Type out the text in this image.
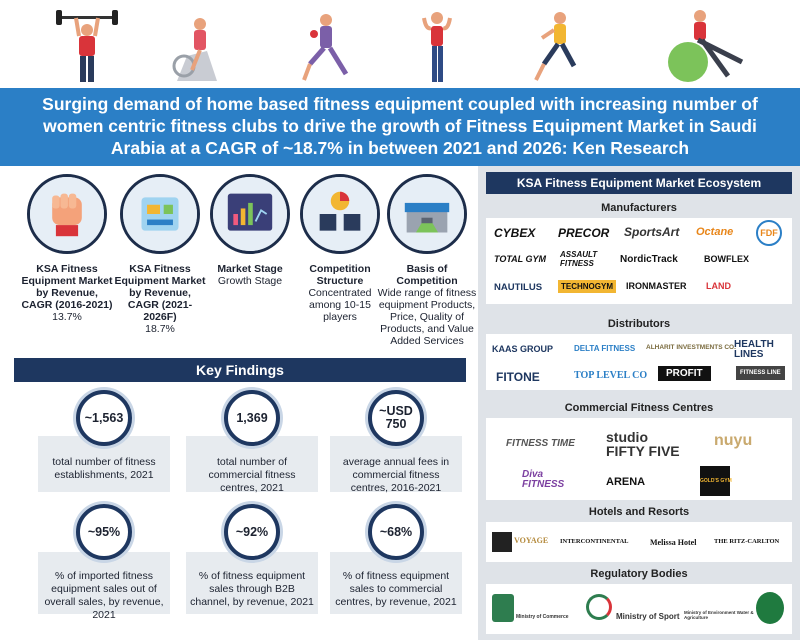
Surging demand of home based fitness equipment coupled with increasing number of women centric fitness clubs to drive the growth of Fitness Equipment Market in Saudi Arabia at a CAGR of ~18.7% in between 2021 and 2026: Ken Research
KSA Fitness Equipment Market by Revenue, CAGR (2016-2021)
13.7%
KSA Fitness Equipment Market by Revenue, CAGR (2021-2026F)
18.7%
Market Stage
Growth Stage
Competition Structure
Concentrated among 10-15 players
Basis of Competition
Wide range of fitness equipment Products, Price, Quality of Products, and Value Added Services
Key Findings
total number of fitness establishments, 2021
~1,563
total number of commercial fitness centres, 2021
1,369
average annual fees in commercial fitness centres, 2016-2021
~USD 750
% of imported fitness equipment sales out of overall sales, by revenue, 2021
~95%
% of fitness equipment sales through B2B channel, by revenue, 2021
~92%
% of fitness equipment sales to commercial centres, by revenue, 2021
~68%
KSA Fitness Equipment Market Ecosystem
Manufacturers
CYBEX PRECOR SportsArt Octane	FDF
TOTAL GYM ASSAULT FITNESS	NordicTrack	BOWFLEX
NAUTILUS	TECHNOGYM	IRONMASTER LAND
Distributors
KAAS GROUP	DELTA FITNESS ALHARIT INVESTMENTS CO.
HEALTH LINES
FITONE	TOP LEVEL CO	PROFIT	FITNESS LINE
Commercial Fitness Centres
FITNESS TIME studio FIFTY FIVE
nuyu
Diva FITNESS	ARENA	GOLD'S GYM
Hotels and Resorts
VOYAGE INTERCONTINENTAL	Melissa Hotel	THE RITZ-CARLTON
Regulatory Bodies
Ministry of Commerce	Ministry of Sport Ministry of Environment Water & Agriculture
